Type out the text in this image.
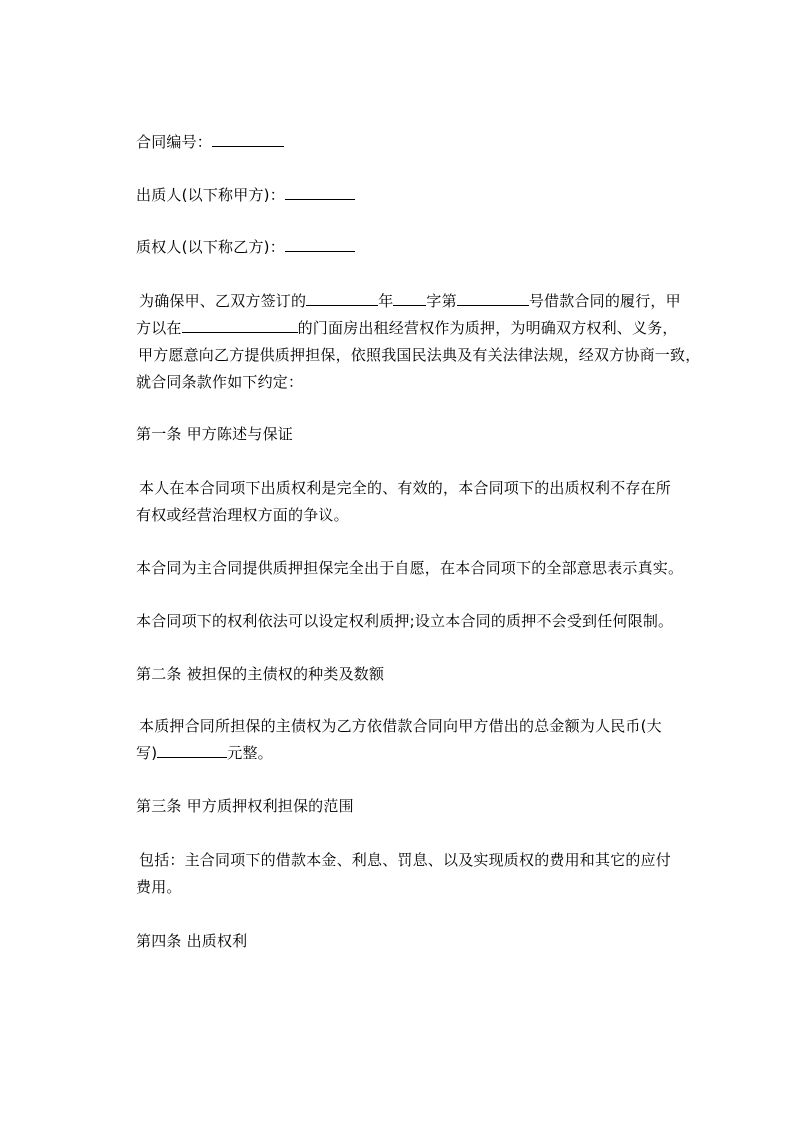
合同编号：
出质人(以下称甲方)：
质权人(以下称乙方)：
为确保甲、乙双方签订的	年 字第	号借款合同的履行，甲
方以在	的门面房出租经营权作为质押，为明确双方权利、义务，
甲方愿意向乙方提供质押担保，依照我国民法典及有关法律法规，经双方协商一致，
就合同条款作如下约定：
第一条 甲方陈述与保证
本人在本合同项下出质权利是完全的、有效的，本合同项下的出质权利不存在所
有权或经营治理权方面的争议。
本合同为主合同提供质押担保完全出于自愿，在本合同项下的全部意思表示真实。
本合同项下的权利依法可以设定权利质押;设立本合同的质押不会受到任何限制。
第二条 被担保的主债权的种类及数额
本质押合同所担保的主债权为乙方依借款合同向甲方借出的总金额为人民币(大
写)	元整。
第三条 甲方质押权利担保的范围
包括：主合同项下的借款本金、利息、罚息、以及实现质权的费用和其它的应付
费用。
第四条 出质权利
